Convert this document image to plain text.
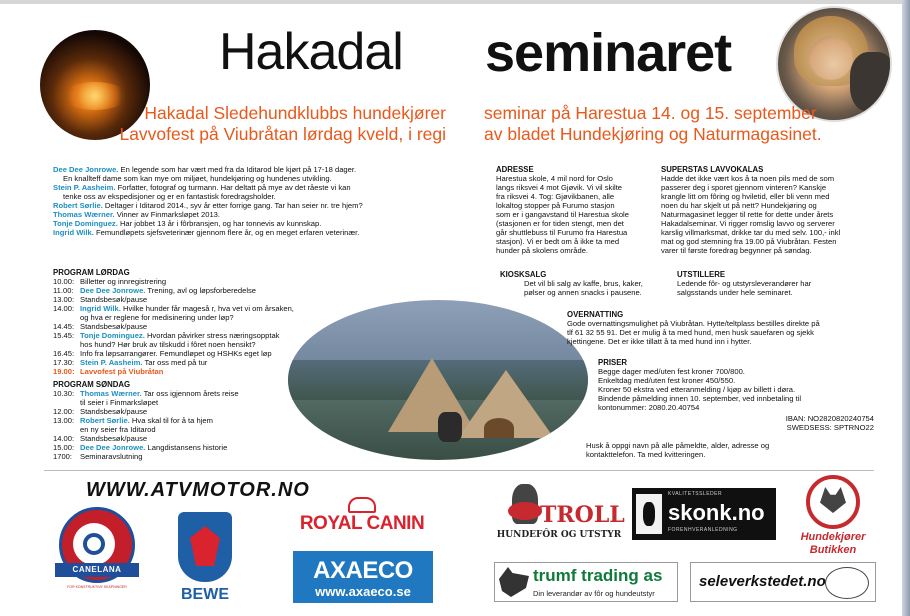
Hakadal seminaret
Hakadal Sledehundklubbs hundekjører
Lavvofest på Viubråtan lørdag kveld, i regi
seminar på Harestua 14. og 15. september
av bladet Hundekjøring og Naturmagasinet.
Dee Dee Jonrowe. En legende som har vært med fra da Iditarod ble kjørt på 17-18 dager.
En knallteff dame som kan mye om miljøet, hundekjøring og hundenes utvikling.
Stein P. Aasheim. Forfatter, fotograf og turmann. Har deltatt på mye av det råeste vi kan
tenke oss av ekspedisjoner og er en fantastisk foredragsholder.
Robert Sørlie. Deltager i Iditarod 2014., syv år etter forrige gang. Tar han seier nr. tre hjem?
Thomas Wærner. Vinner av Finmarksløpet 2013.
Tonje Dominguez. Har jobbet 13 år i fôrbransjen, og har tonnevis av kunnskap.
Ingrid Wilk. Femundløpets sjefsveterinær gjennom flere år, og en meget erfaren veterinær.
PROGRAM LØRDAG
10.00: Billetter og innregistrering
11.00: Dee Dee Jonrowe. Trening, avl og løpsforberedelse
13.00: Standsbesøk/pause
14.00: Ingrid Wilk. Hvilke hunder får mageså r, hva vet vi om årsaken,
og hva er reglene for medisinering under løp?
14.45: Standsbesøk/pause
15.45: Tonje Dominguez. Hvordan påvirker stress næringsopptak
hos hund? Hør bruk av tilskudd i fôret noen hensikt?
16.45: Info fra løpsarrangører. Femundløpet og HSHKs eget løp
17.30: Stein P. Aasheim. Tar oss med på tur
19.00: Lavvofest på Viubråtan
PROGRAM SØNDAG
10.30: Thomas Wærner. Tar oss igjennom årets reise
til seier i Finmarksløpet
12.00: Standsbesøk/pause
13.00: Robert Sørlie. Hva skal til for å ta hjem
en ny seier fra Iditarod
14.00: Standsbesøk/pause
15.00: Dee Dee Jonrowe. Langdistansens historie
1700:	Seminaravslutning
ADRESSE
Harestua skole, 4 mil nord for Oslo
langs riksvei 4 mot Gjøvik. Vi vil skilte
fra riksvei 4. Tog: Gjøvikbanen, alle
lokaltog stopper på Furumo stasjon
som er i gangavstand til Harestua skole
(stasjonen er for tiden stengt, men det
går shuttlebuss til Furumo fra Harestua
stasjon). Vi er bedt om å ikke ta med
hunder på skolens område.
SUPERSTAS LAVVOKALAS
Hadde det ikke vært kos å ta noen pils med de som
passerer deg i sporet gjennom vinteren? Kanskje
krangle litt om fôring og hviletid, eller bli venn med
noen du har skjelt ut på nett? Hundekjøring og
Naturmagasinet legger til rette for dette under årets
Hakadalseminar. Vi rigger romslig lavvo og serverer
karslig villmarksmat, drikke tar du med selv. 100,- inkl
mat og god stemning fra 19.00 på Viubråtan. Festen
varer til første foredrag begynner på søndag.
KIOSKSALG
Det vil bli salg av kaffe, brus, kaker,
pølser og annen snacks i pausene.
UTSTILLERE
Ledende fôr- og utstyrsleverandører har
salgsstands under hele seminaret.
OVERNATTING
Gode overnattingsmulighet på Viubråtan. Hytte/teltplass bestilles direkte på
tlf 61 32 55 91. Det er mulig å ta med hund, men husk sauefaren og sjekk
kjettingene. Det er ikke tillatt å ta med hund inn i hytter.
PRISER
Begge dager med/uten fest kroner 700/800.
Enkeltdag med/uten fest kroner 450/550.
Kroner 50 ekstra ved etteranmelding / kjøp av billett i døra.
Bindende påmelding innen 10. september, ved innbetaling til
kontonummer: 2080.20.40754
IBAN: NO2820820240754
SWEDSESS: SPTRNO22
Husk å oppgi navn på alle påmeldte, alder, adresse og
kontakttelefon. Ta med kvitteringen.
WWW.ATVMOTOR.NO
CANELANA
FOR KONSTRUKTIVE SKAPNINGER	BEWE
ROYAL CANIN
AXAECO
www.axaeco.se
TROLL
HUNDEFÔR OG UTSTYR
KVALITETSSLEDER
skonk.no
FORENHVERANLEDNING
Hundekjører
Butikken
trumf trading as
Din leverandør av fôr og hundeutstyr
seleverkstedet.no
